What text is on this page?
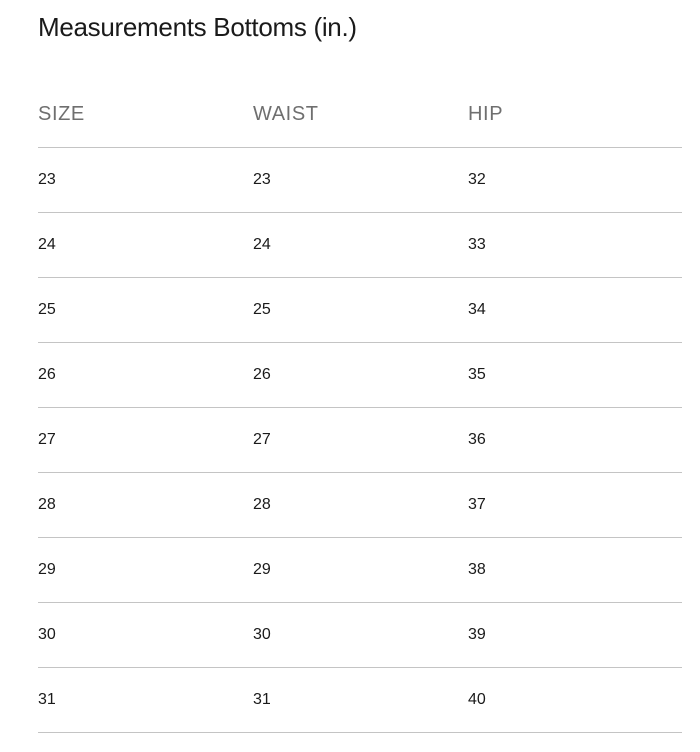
Measurements Bottoms (in.)
SIZE	WAIST	HIP
23	23	32
24	24	33
25	25	34
26	26	35
27	27	36
28	28	37
29	29	38
30	30	39
31	31	40
